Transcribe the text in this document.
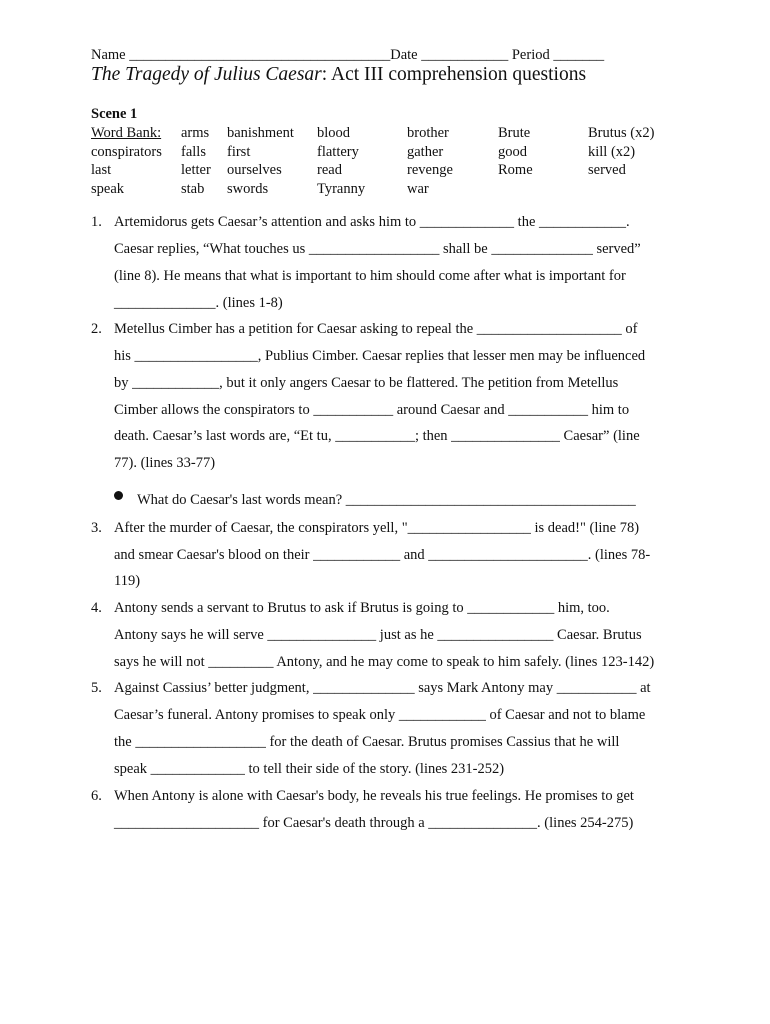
Name ____________________________________Date ____________ Period _______
The Tragedy of Julius Caesar: Act III comprehension questions
Scene 1
Word Bank:
conspirators
last
speak
arms
falls
letter
stab
banishment
first
ourselves
swords
blood
flattery
read
Tyranny
brother
gather
revenge
war
Brute
good
Rome
Brutus (x2)
kill (x2)
served
1. Artemidorus gets Caesar’s attention and asks him to _____________ the ____________.
Caesar replies, “What touches us __________________ shall be ______________ served”
(line 8). He means that what is important to him should come after what is important for
______________. (lines 1-8)
2. Metellus Cimber has a petition for Caesar asking to repeal the ____________________ of
his _________________, Publius Cimber. Caesar replies that lesser men may be influenced
by ____________, but it only angers Caesar to be flattered. The petition from Metellus
Cimber allows the conspirators to ___________ around Caesar and ___________ him to
death. Caesar’s last words are, “Et tu, ___________; then _______________ Caesar” (line
77). (lines 33-77)
What do Caesar's last words mean? ________________________________________
3. After the murder of Caesar, the conspirators yell, "_________________ is dead!" (line 78)
and smear Caesar's blood on their ____________ and ______________________. (lines 78-
119)
4. Antony sends a servant to Brutus to ask if Brutus is going to ____________ him, too.
Antony says he will serve _______________ just as he ________________ Caesar. Brutus
says he will not _________ Antony, and he may come to speak to him safely. (lines 123-142)
5. Against Cassius’ better judgment, ______________ says Mark Antony may ___________ at
Caesar’s funeral. Antony promises to speak only ____________ of Caesar and not to blame
the __________________ for the death of Caesar. Brutus promises Cassius that he will
speak _____________ to tell their side of the story. (lines 231-252)
6. When Antony is alone with Caesar's body, he reveals his true feelings. He promises to get
____________________ for Caesar's death through a _______________. (lines 254-275)
